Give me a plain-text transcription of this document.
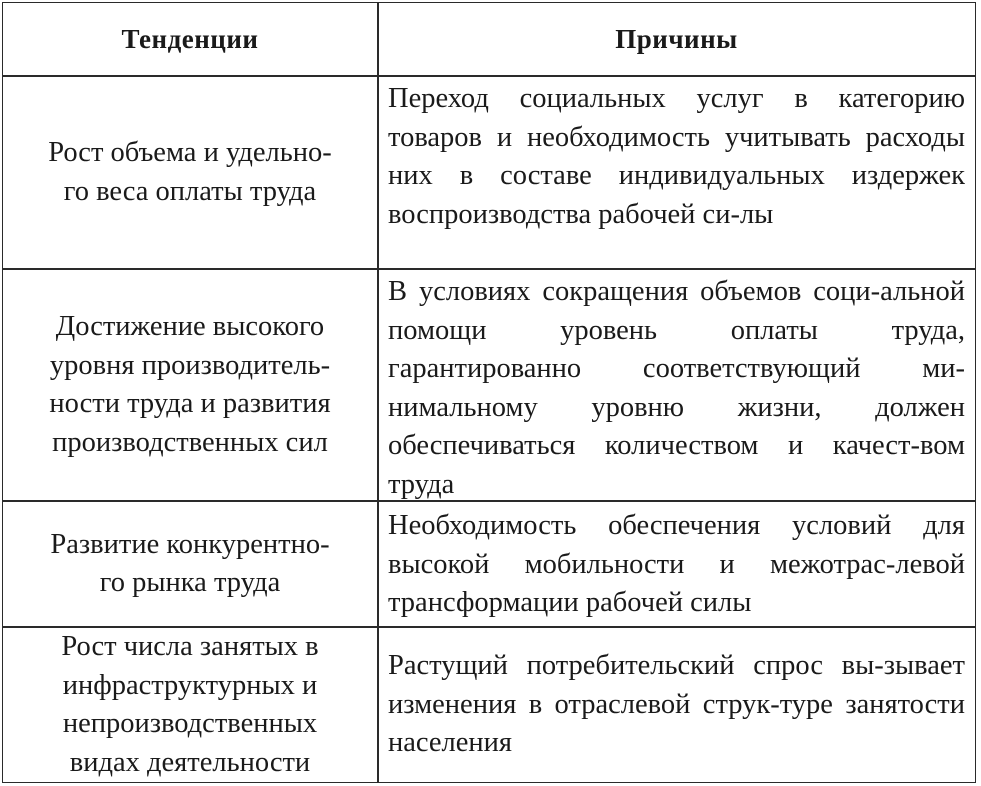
Тенденции	Причины
Рост объема и удельно-
го веса оплаты труда
Переход социальных услуг в категорию товаров и необходимость учитывать расходы них в составе индивидуальных издержек воспроизводства рабочей си-лы
Достижение высокого
уровня производитель-
ности труда и развития
производственных сил
В условиях сокращения объемов соци-альной помощи уровень оплаты труда, гарантированно соответствующий ми-нимальному уровню жизни, должен обеспечиваться количеством и качест-вом труда
Развитие конкурентно-
го рынка труда
Необходимость обеспечения условий для высокой мобильности и межотрас-левой трансформации рабочей силы
Рост числа занятых в
инфраструктурных и
непроизводственных
видах деятельности
Растущий потребительский спрос вы-зывает изменения в отраслевой струк-туре занятости населения
